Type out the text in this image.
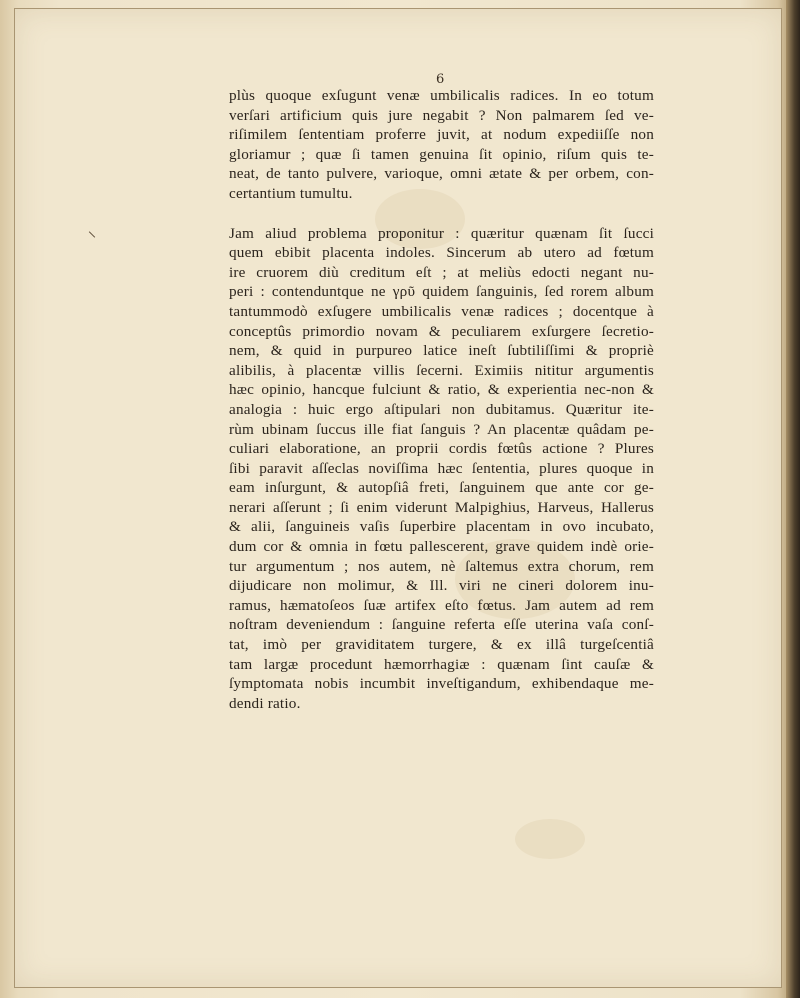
6
plùs quoque exſugunt venæ umbilicalis radices. In eo totum
verſari artificium quis jure negabit ? Non palmarem ſed ve-
riſimilem ſententiam proferre juvit, at nodum expediiſſe non
gloriamur ; quæ ſi tamen genuina ſit opinio, riſum quis te-
neat, de tanto pulvere, varioque, omni ætate & per orbem, con-
certantium tumultu.
Jam aliud problema proponitur : quæritur quænam ſit ſucci
quem ebibit placenta indoles. Sincerum ab utero ad fœtum
ire cruorem diù creditum eſt ; at meliùs edocti negant nu-
peri : contenduntque ne γρῦ quidem ſanguinis, ſed rorem album
tantummodò exſugere umbilicalis venæ radices ; docentque à
conceptûs primordio novam & peculiarem exſurgere ſecretio-
nem, & quid in purpureo latice ineſt ſubtiliſſimi & propriè
alibilis, à placentæ villis ſecerni. Eximiis nititur argumentis
hæc opinio, hancque fulciunt & ratio, & experientia nec-non &
analogia : huic ergo aſtipulari non dubitamus. Quæritur ite-
rùm ubinam ſuccus ille fiat ſanguis ? An placentæ quâdam pe-
culiari elaboratione, an proprii cordis fœtûs actione ? Plures
ſibi paravit aſſeclas noviſſima hæc ſententia, plures quoque in
eam inſurgunt, & autopſiâ freti, ſanguinem que ante cor ge-
nerari aſſerunt ; ſi enim viderunt Malpighius, Harveus, Hallerus
& alii, ſanguineis vaſis ſuperbire placentam in ovo incubato,
dum cor & omnia in fœtu pallescerent, grave quidem indè orie-
tur argumentum ; nos autem, nè ſaltemus extra chorum, rem
dijudicare non molimur, & Ill. viri ne cineri dolorem inu-
ramus, hæmatoſeos ſuæ artifex eſto fœtus. Jam autem ad rem
noſtram deveniendum : ſanguine referta eſſe uterina vaſa conſ-
tat, imò per graviditatem turgere, & ex illâ turgeſcentiâ
tam largæ procedunt hæmorrhagiæ : quænam ſint cauſæ &
ſymptomata nobis incumbit inveſtigandum, exhibendaque me-
dendi ratio.
